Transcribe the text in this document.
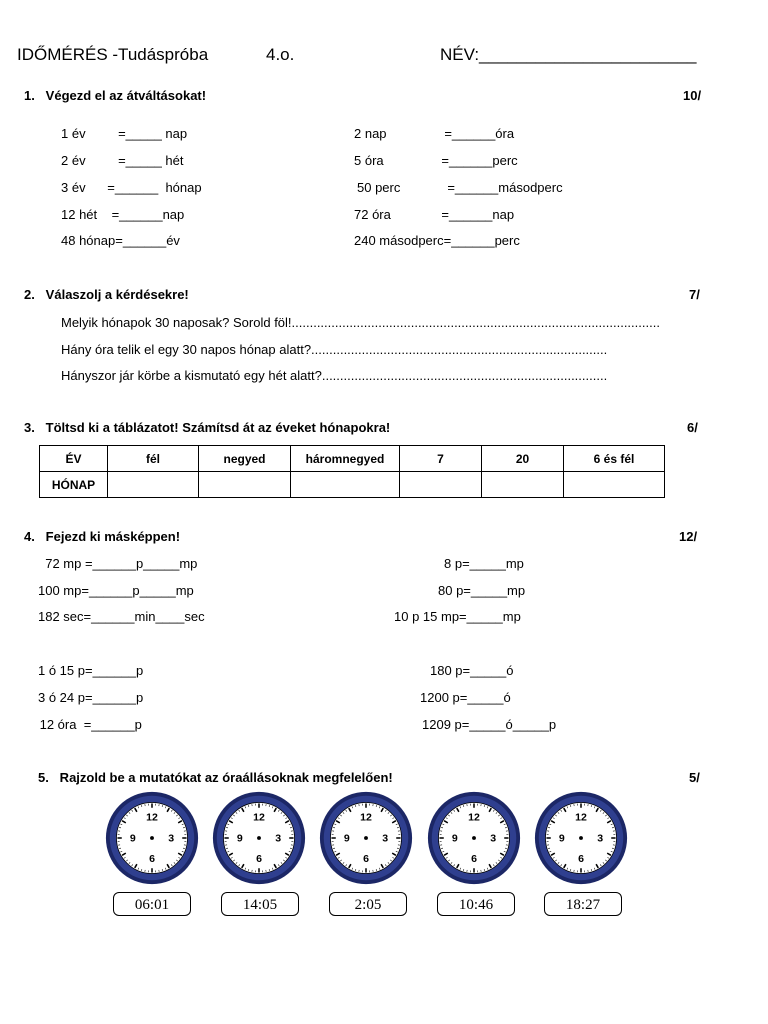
IDŐMÉRÉS -Tudáspróba	4.o.	NÉV:_______________________
1.   Végezd el az átváltásokat!	10/
1 év         =_____ nap
2 év         =_____ hét
3 év      =______  hónap
12 hét    =______nap
48 hónap=______év
2 nap                =______óra
5 óra                =______perc
50 perc             =______másodperc
72 óra              =______nap
240 másodperc=______perc
2.   Válaszolj a kérdésekre!	7/
Melyik hónapok 30 naposak? Sorold föl!......................................................................................................
Hány óra telik el egy 30 napos hónap alatt?..................................................................................
Hányszor jár körbe a kismutató egy hét alatt?...............................................................................
3.   Töltsd ki a táblázatot! Számítsd át az éveket hónapokra!	6/
ÉV	fél	negyed	háromnegyed	7	20	6 és fél
HÓNAP						
4.   Fejezd ki másképpen!	12/
72 mp =______p_____mp
100 mp=______p_____mp
182 sec=______min____sec
8 p=_____mp
80 p=_____mp
10 p 15 mp=_____mp
1 ó 15 p=______p
3 ó 24 p=______p
12 óra  =______p
180 p=_____ó
1200 p=_____ó
1209 p=_____ó_____p
5.   Rajzold be a mutatókat az óraállásoknak megfelelően!	5/
12
3
6
9
12
3
6
9
12
3
6
9
12
3
6
9
12
3
6
9
06:01	14:05	2:05	10:46	18:27
